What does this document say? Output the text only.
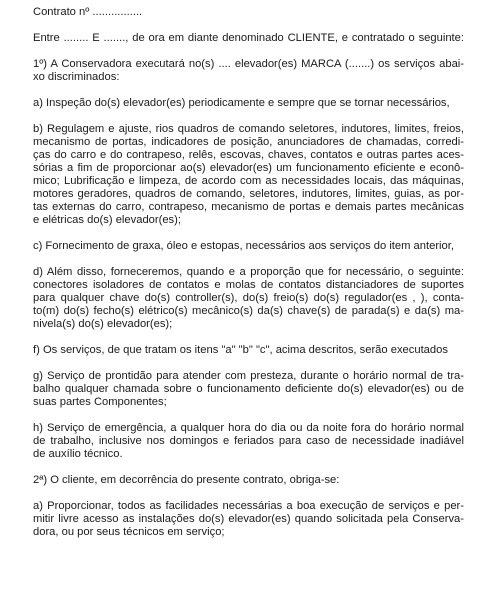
Contrato nº ................
Entre ........ E ......., de ora em diante denominado CLIENTE, e contratado o seguinte:
1º) A Conservadora executará no(s) .... elevador(es) MARCA (.......) os serviços abai-
xo discriminados:
a) Inspeção do(s) elevador(es) periodicamente e sempre que se tornar necessários,
b) Regulagem e ajuste, rios quadros de comando seletores, indutores, limites, freios,
mecanismo de portas, indicadores de posição, anunciadores de chamadas, corredi-
ças do carro e do contrapeso, relês, escovas, chaves, contatos e outras partes aces-
sórias a fim de proporcionar ao(s) elevador(es) um funcionamento eficiente e econô-
mico; Lubrificação e limpeza, de acordo com as necessidades locais, das máquinas,
motores geradores, quadros de comando, seletores, indutores, limites, guias, as por-
tas externas do carro, contrapeso, mecanismo de portas e demais partes mecânicas
e elétricas do(s) elevador(es);
c) Fornecimento de graxa, óleo e estopas, necessários aos serviços do item anterior,
d) Além disso, forneceremos, quando e a proporção que for necessário, o seguinte:
conectores isoladores de contatos e molas de contatos distanciadores de suportes
para qualquer chave do(s) controller(s), do(s) freio(s) do(s) regulador(es , ), conta-
to(m) do(s) fecho(s) elétrico(s) mecânico(s) da(s) chave(s) de parada(s) e da(s) ma-
nivela(s) do(s) elevador(es);
f) Os serviços, de que tratam os itens "a" "b" "c", acima descritos, serão executados
g) Serviço de prontidão para atender com presteza, durante o horário normal de tra-
balho qualquer chamada sobre o funcionamento deficiente do(s) elevador(es) ou de
suas partes Componentes;
h) Serviço de emergência, a qualquer hora do dia ou da noite fora do horário normal
de trabalho, inclusive nos domingos e feriados para caso de necessidade inadiável
de auxílio técnico.
2ª) O cliente, em decorrência do presente contrato, obriga-se:
a) Proporcionar, todos as facilidades necessárias a boa execução de serviços e per-
mitir livre acesso as instalações do(s) elevador(es) quando solicitada pela Conserva-
dora, ou por seus técnicos em serviço;
